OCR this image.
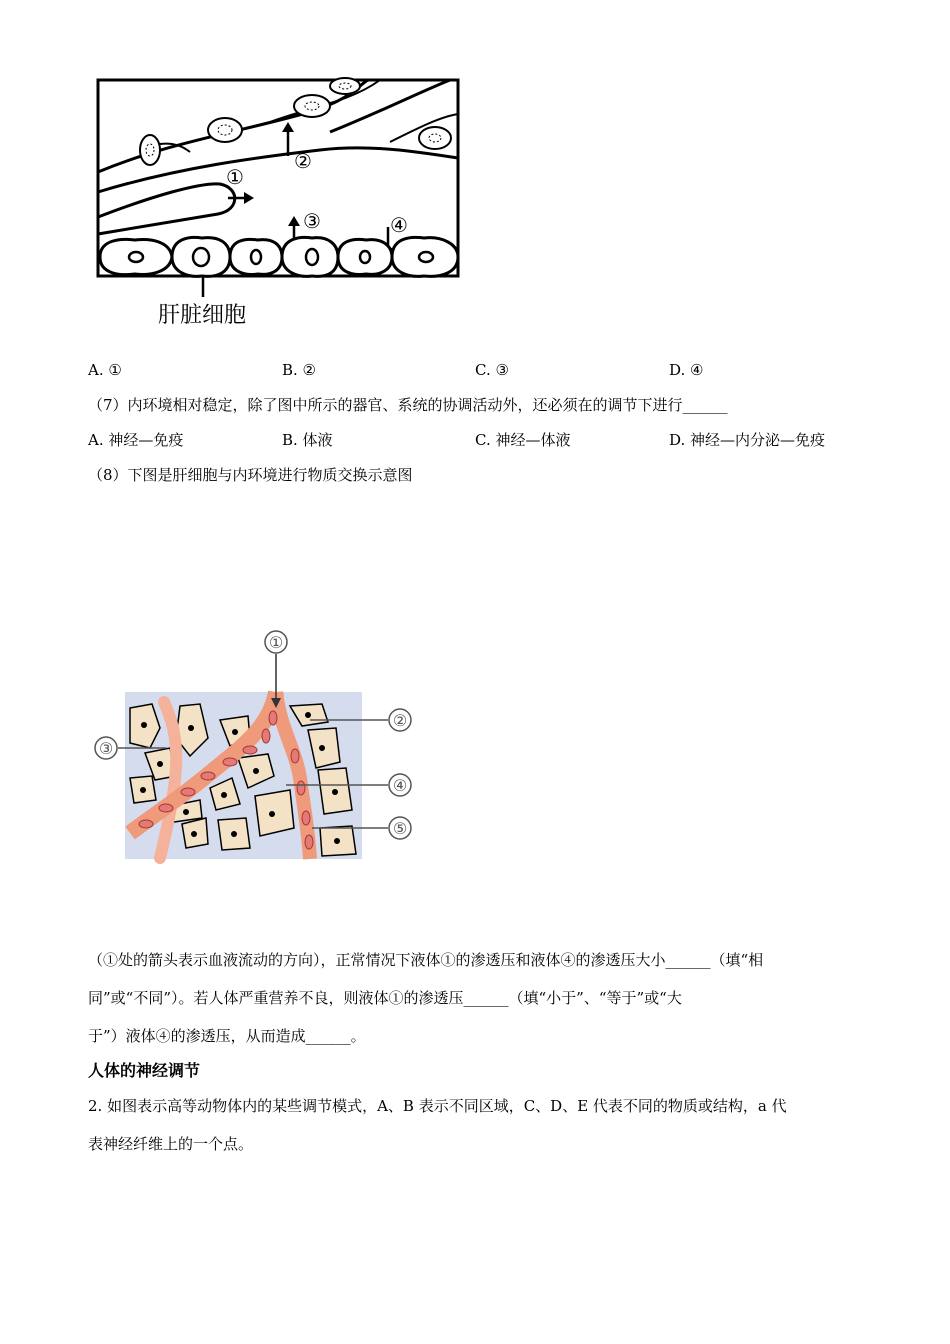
①
②
③	④
肝脏细胞
A. ①	B. ②	C. ③	D. ④
（7）内环境相对稳定，除了图中所示的器官、系统的协调活动外，还必须在的调节下进行______
A. 神经—免疫	B. 体液	C. 神经—体液	D. 神经—内分泌—免疫
（8）下图是肝细胞与内环境进行物质交换示意图
①
②
③
④
⑤
（①处的箭头表示血液流动的方向），正常情况下液体①的渗透压和液体④的渗透压大小______（填“相
同”或“不同”）。若人体严重营养不良，则液体①的渗透压______（填“小于”、“等于”或“大
于”）液体④的渗透压，从而造成______。
人体的神经调节
2. 如图表示高等动物体内的某些调节模式，A、B 表示不同区域，C、D、E 代表不同的物质或结构，a 代
表神经纤维上的一个点。
